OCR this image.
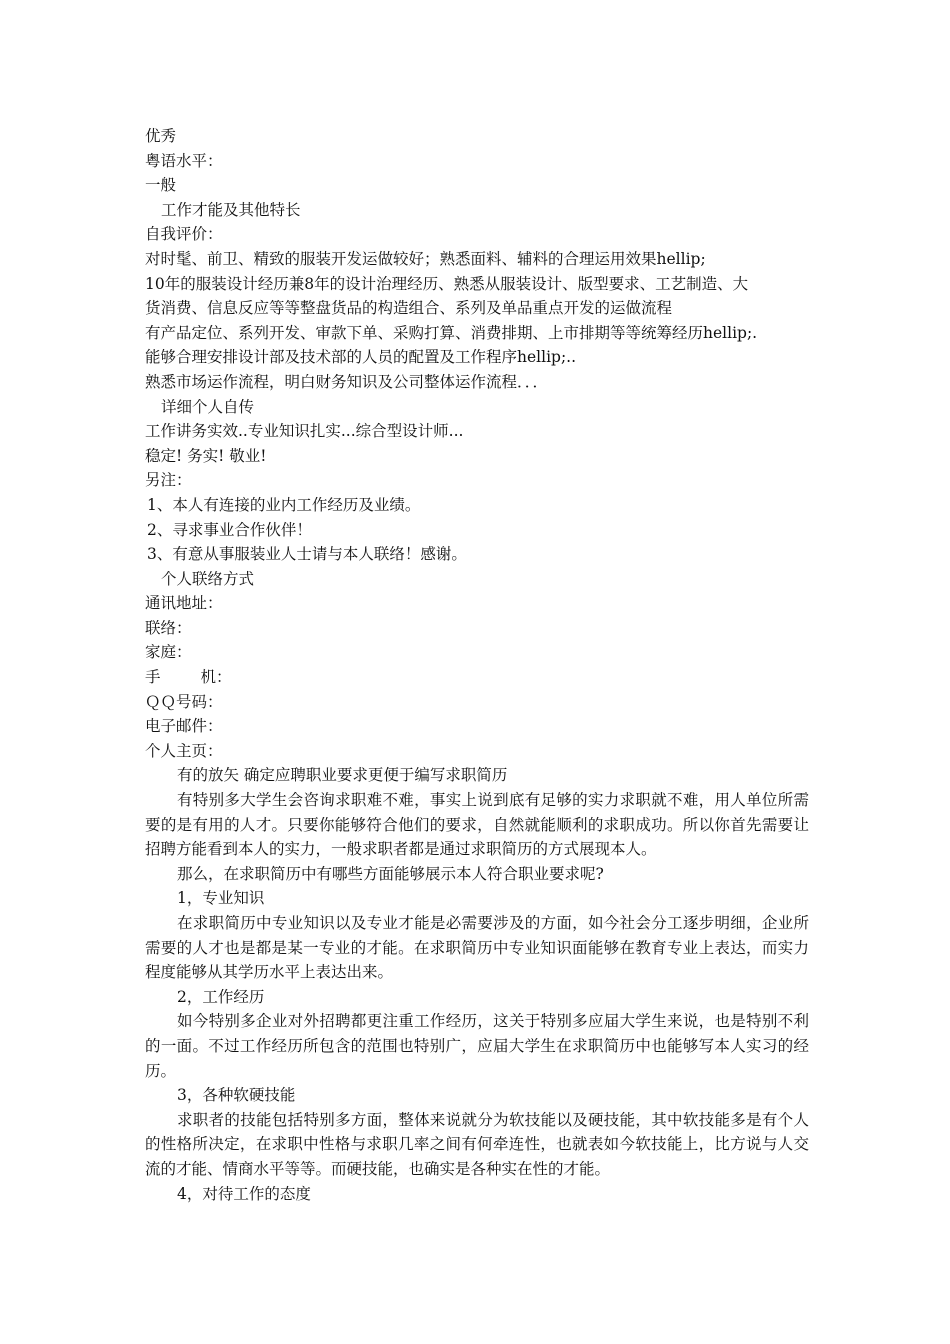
优秀
粤语水平：
一般
工作才能及其他特长
自我评价：
对时髦、前卫、精致的服装开发运做较好；熟悉面料、辅料的合理运用效果hellip;
10年的服装设计经历兼8年的设计治理经历、熟悉从服装设计、版型要求、工艺制造、大
货消费、信息反应等等整盘货品的构造组合、系列及单品重点开发的运做流程
有产品定位、系列开发、审款下单、采购打算、消费排期、上市排期等等统筹经历hellip;.
能够合理安排设计部及技术部的人员的配置及工作程序hellip;..
熟悉市场运作流程，明白财务知识及公司整体运作流程．．．
详细个人自传
工作讲务实效..专业知识扎实...综合型设计师...
稳定! 务实! 敬业!
另注：
1、本人有连接的业内工作经历及业绩。
2、寻求事业合作伙伴！
3、有意从事服装业人士请与本人联络！感谢。
个人联络方式
通讯地址：
联络：
家庭：
手	机：
ＱＱ号码：
电子邮件：
个人主页：
有的放矢 确定应聘职业要求更便于编写求职简历

有特别多大学生会咨询求职难不难，事实上说到底有足够的实力求职就不难，用人单位所需要的是有用的人才。只要你能够符合他们的要求，自然就能顺利的求职成功。所以你首先需要让招聘方能看到本人的实力，一般求职者都是通过求职简历的方式展现本人。

那么，在求职简历中有哪些方面能够展示本人符合职业要求呢?
1，专业知识

在求职简历中专业知识以及专业才能是必需要涉及的方面，如今社会分工逐步明细，企业所需要的人才也是都是某一专业的才能。在求职简历中专业知识面能够在教育专业上表达，而实力程度能够从其学历水平上表达出来。

2，工作经历

如今特别多企业对外招聘都更注重工作经历，这关于特别多应届大学生来说，也是特别不利的一面。不过工作经历所包含的范围也特别广，应届大学生在求职简历中也能够写本人实习的经历。

3，各种软硬技能

求职者的技能包括特别多方面，整体来说就分为软技能以及硬技能，其中软技能多是有个人的性格所决定，在求职中性格与求职几率之间有何牵连性，也就表如今软技能上，比方说与人交流的才能、情商水平等等。而硬技能，也确实是各种实在性的才能。

4，对待工作的态度
